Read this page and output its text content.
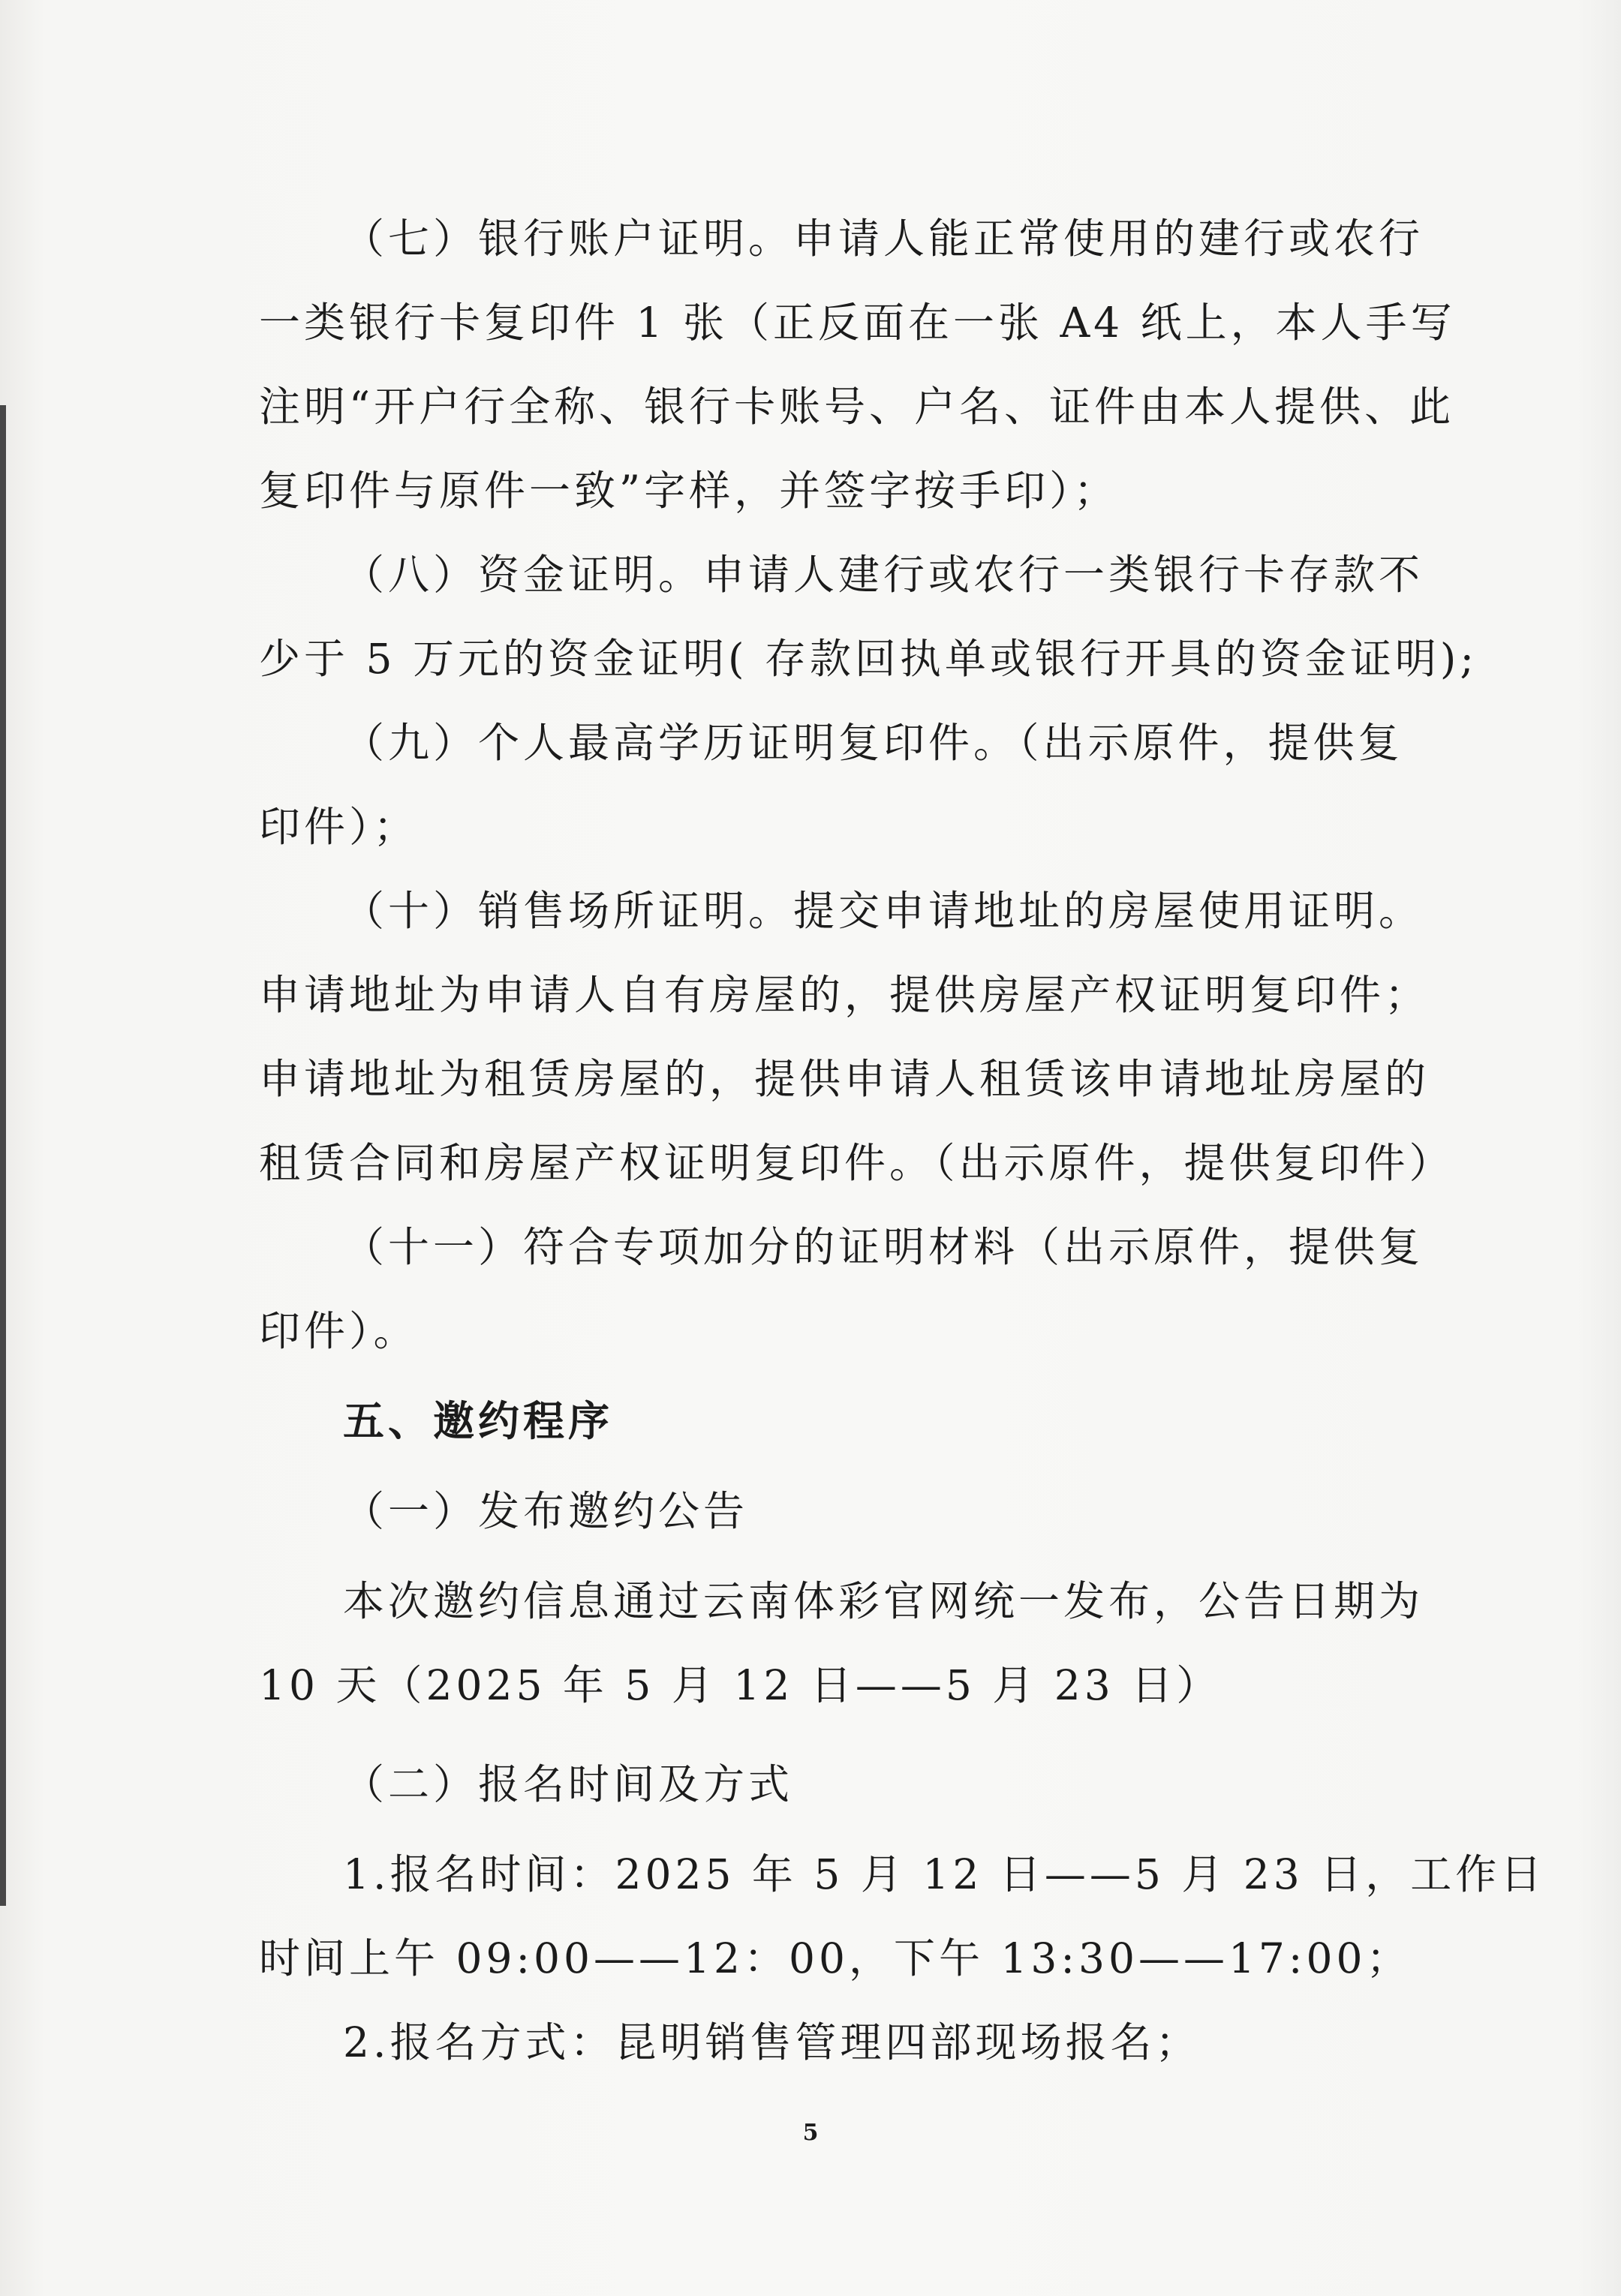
（七）银行账户证明。申请人能正常使用的建行或农行
一类银行卡复印件 1 张（正反面在一张 A4 纸上，本人手写
注明“开户行全称、银行卡账号、户名、证件由本人提供、此
复印件与原件一致”字样，并签字按手印）；

（八）资金证明。申请人建行或农行一类银行卡存款不
少于 5 万元的资金证明( 存款回执单或银行开具的资金证明);

（九）个人最高学历证明复印件。（出示原件，提供复
印件）；

（十）销售场所证明。提交申请地址的房屋使用证明。
申请地址为申请人自有房屋的，提供房屋产权证明复印件；
申请地址为租赁房屋的，提供申请人租赁该申请地址房屋的
租赁合同和房屋产权证明复印件。（出示原件，提供复印件）

（十一）符合专项加分的证明材料（出示原件，提供复
印件）。

五、邀约程序

（一）发布邀约公告

本次邀约信息通过云南体彩官网统一发布，公告日期为
10 天（2025 年 5 月 12 日——5 月 23 日）

（二）报名时间及方式

1.报名时间：2025 年 5 月 12 日——5 月 23 日，工作日
时间上午 09:00——12：00，下午 13:30——17:00；

2.报名方式：昆明销售管理四部现场报名；

5
